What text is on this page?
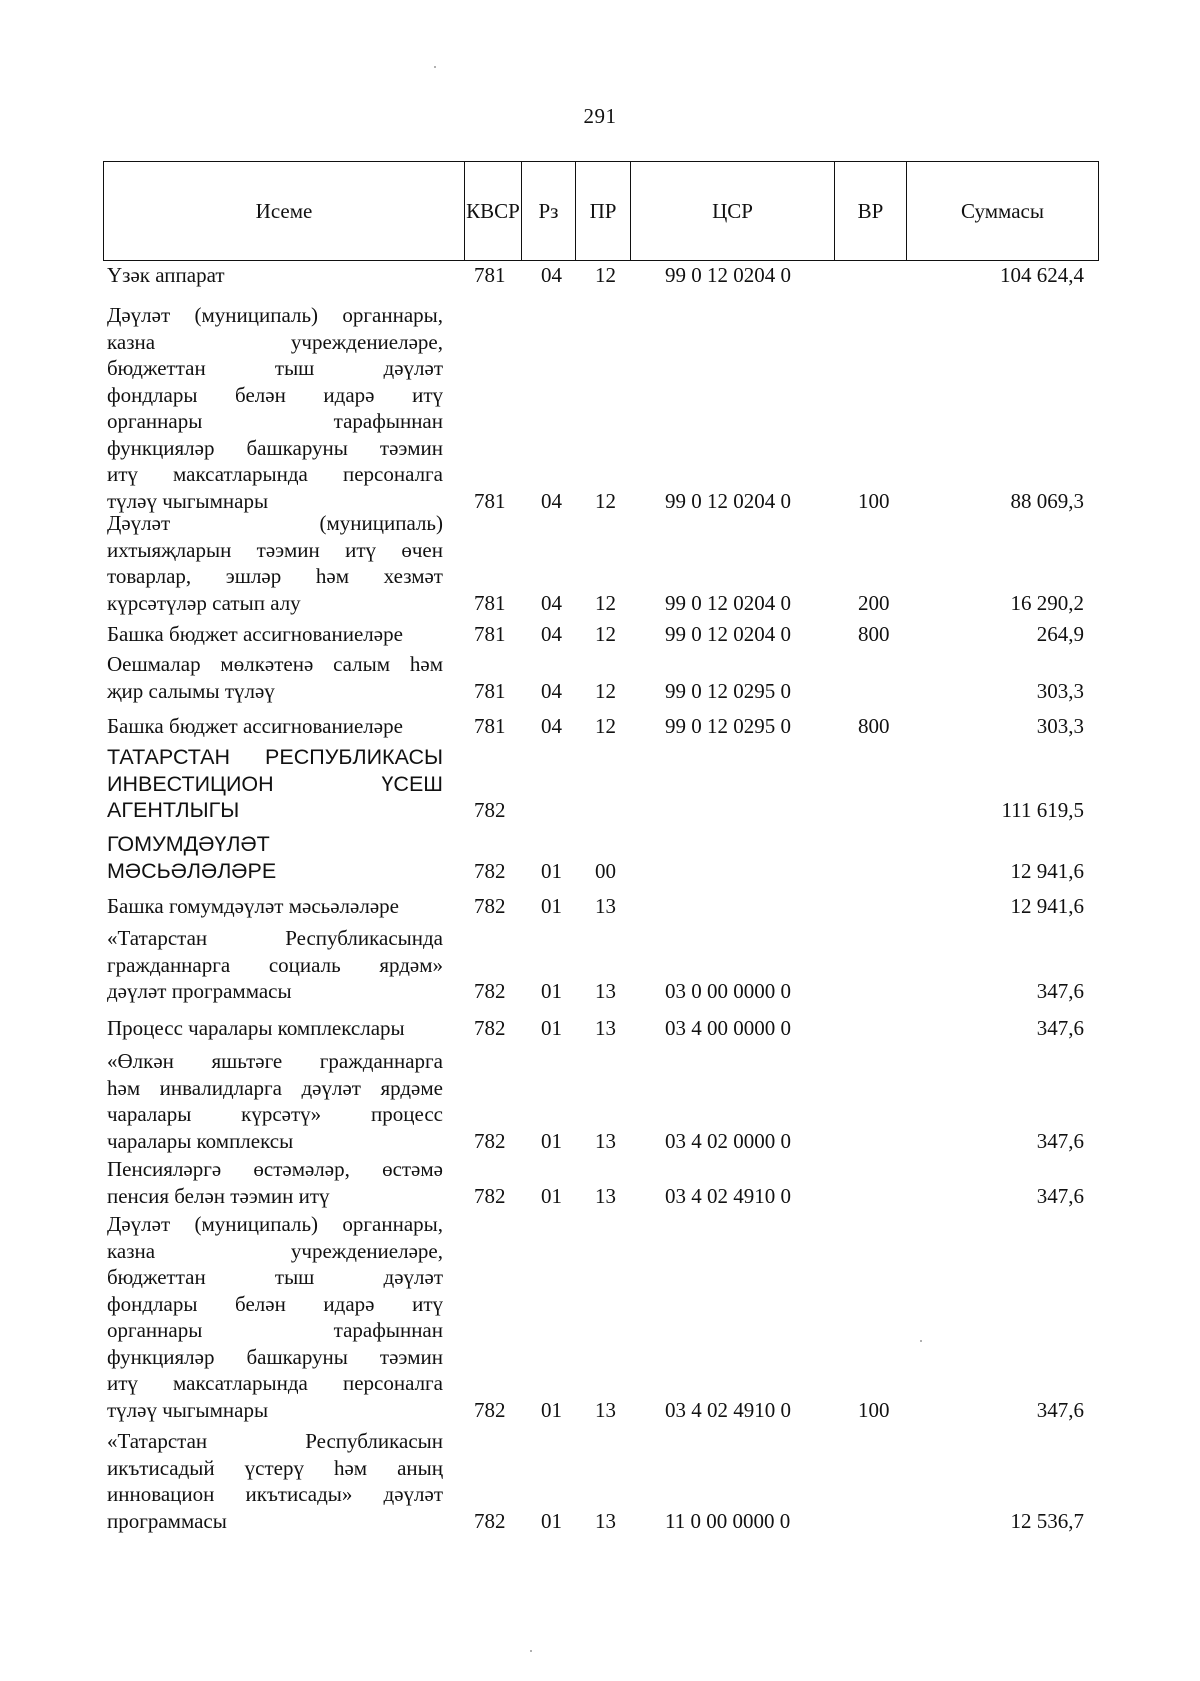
291
Исеме	КВСР	Рз	ПР	ЦСР	ВР	Суммасы
Үзәк аппарат	781 04 12 99 0 12 0204 0	104 624,4
Дәүләт (муниципаль) органнары,
казна учреждениеләре,
бюджеттан тыш дәүләт
фондлары белән идарә итү
органнары тарафыннан
функцияләр башкаруны тәэмин
итү максатларында персоналга
түләү чыгымнары	781 04 12 99 0 12 0204 0	100	88 069,3
Дәүләт (муниципаль)
ихтыяҗларын тәэмин итү өчен
товарлар, эшләр һәм хезмәт
күрсәтүләр сатып алу	781 04 12 99 0 12 0204 0	200	16 290,2
Башка бюджет ассигнованиеләре	781 04 12 99 0 12 0204 0	800	264,9
Оешмалар мөлкәтенә салым һәм
җир салымы түләү	781 04 12 99 0 12 0295 0	303,3
Башка бюджет ассигнованиеләре	781 04 12 99 0 12 0295 0	800	303,3
ТАТАРСТАН РЕСПУБЛИКАСЫ
ИНВЕСТИЦИОН ҮСЕШ
АГЕНТЛЫГЫ	782	111 619,5
ГОМУМДӘҮЛӘТ
МӘСЬӘЛӘЛӘРЕ	782 01 00	12 941,6
Башка гомумдәүләт мәсьәләләре	782 01 13	12 941,6
«Татарстан Республикасында
гражданнарга социаль ярдәм»
дәүләт программасы	782 01 13 03 0 00 0000 0	347,6
Процесс чаралары комплекслары	782 01 13 03 4 00 0000 0	347,6
«Өлкән яшьтәге гражданнарга
һәм инвалидларга дәүләт ярдәме
чаралары күрсәтү» процесс
чаралары комплексы	782 01 13 03 4 02 0000 0	347,6
Пенсияләргә өстәмәләр, өстәмә
пенсия белән тәэмин итү	782 01 13 03 4 02 4910 0	347,6
Дәүләт (муниципаль) органнары,
казна учреждениеләре,
бюджеттан тыш дәүләт
фондлары белән идарә итү
органнары тарафыннан
функцияләр башкаруны тәэмин
итү максатларында персоналга
түләү чыгымнары	782 01 13 03 4 02 4910 0	100	347,6
«Татарстан Республикасын
икътисадый үстерү һәм аның
инновацион икътисады» дәүләт
программасы	782 01 13 11 0 00 0000 0	12 536,7
